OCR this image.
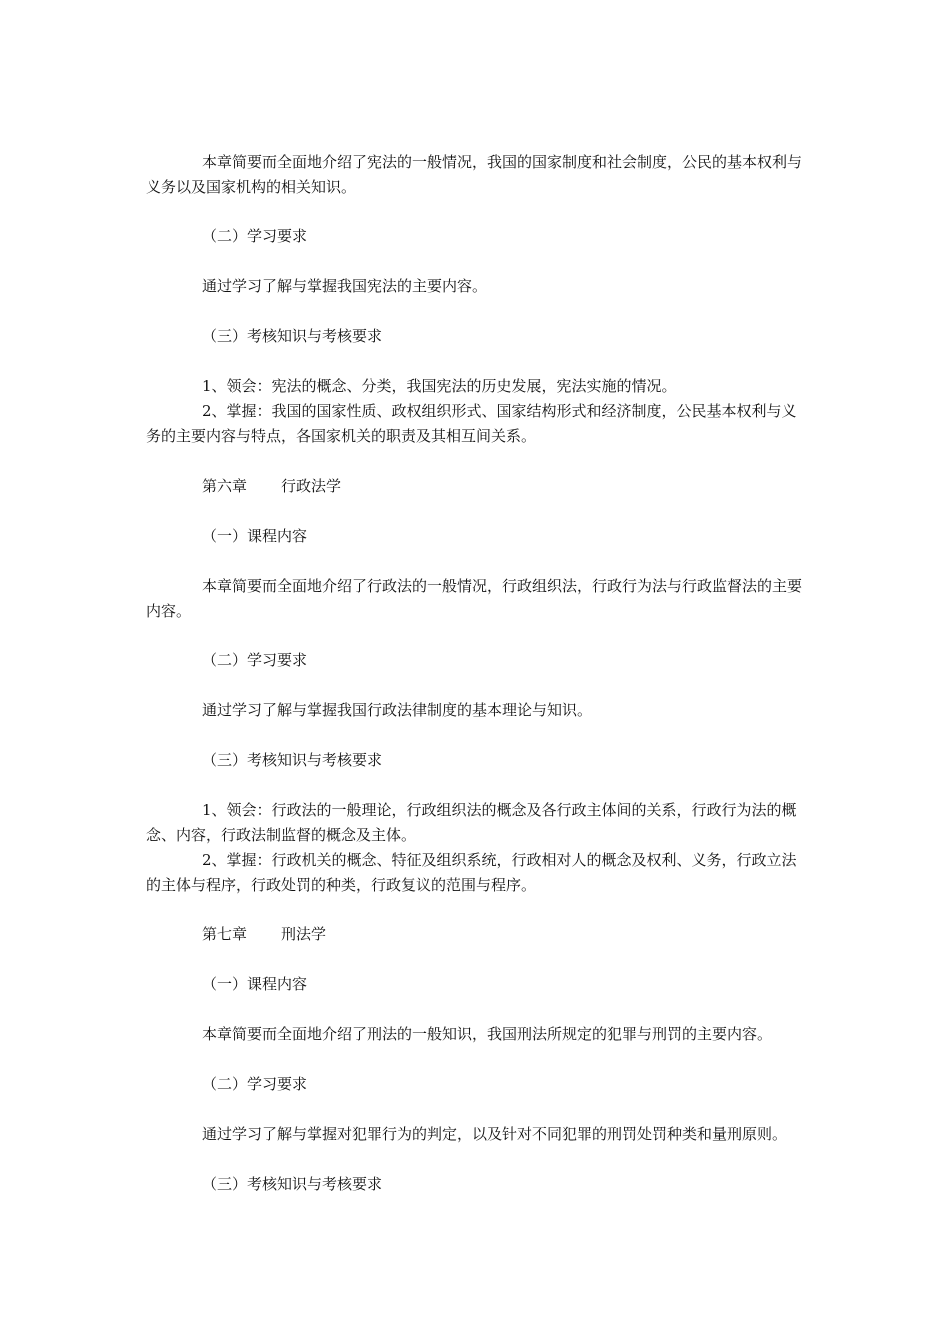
本章简要而全面地介绍了宪法的一般情况，我国的国家制度和社会制度，公民的基本权利与义务以及国家机构的相关知识。

（二）学习要求

通过学习了解与掌握我国宪法的主要内容。

（三）考核知识与考核要求

1、领会：宪法的概念、分类，我国宪法的历史发展，宪法实施的情况。

2、掌握：我国的国家性质、政权组织形式、国家结构形式和经济制度，公民基本权利与义务的主要内容与特点，各国家机关的职责及其相互间关系。

第六章 行政法学

（一）课程内容

本章简要而全面地介绍了行政法的一般情况，行政组织法，行政行为法与行政监督法的主要内容。

（二）学习要求

通过学习了解与掌握我国行政法律制度的基本理论与知识。

（三）考核知识与考核要求

1、领会：行政法的一般理论，行政组织法的概念及各行政主体间的关系，行政行为法的概念、内容，行政法制监督的概念及主体。

2、掌握：行政机关的概念、特征及组织系统，行政相对人的概念及权利、义务，行政立法的主体与程序，行政处罚的种类，行政复议的范围与程序。

第七章 刑法学

（一）课程内容

本章简要而全面地介绍了刑法的一般知识，我国刑法所规定的犯罪与刑罚的主要内容。

（二）学习要求

通过学习了解与掌握对犯罪行为的判定，以及针对不同犯罪的刑罚处罚种类和量刑原则。

（三）考核知识与考核要求
